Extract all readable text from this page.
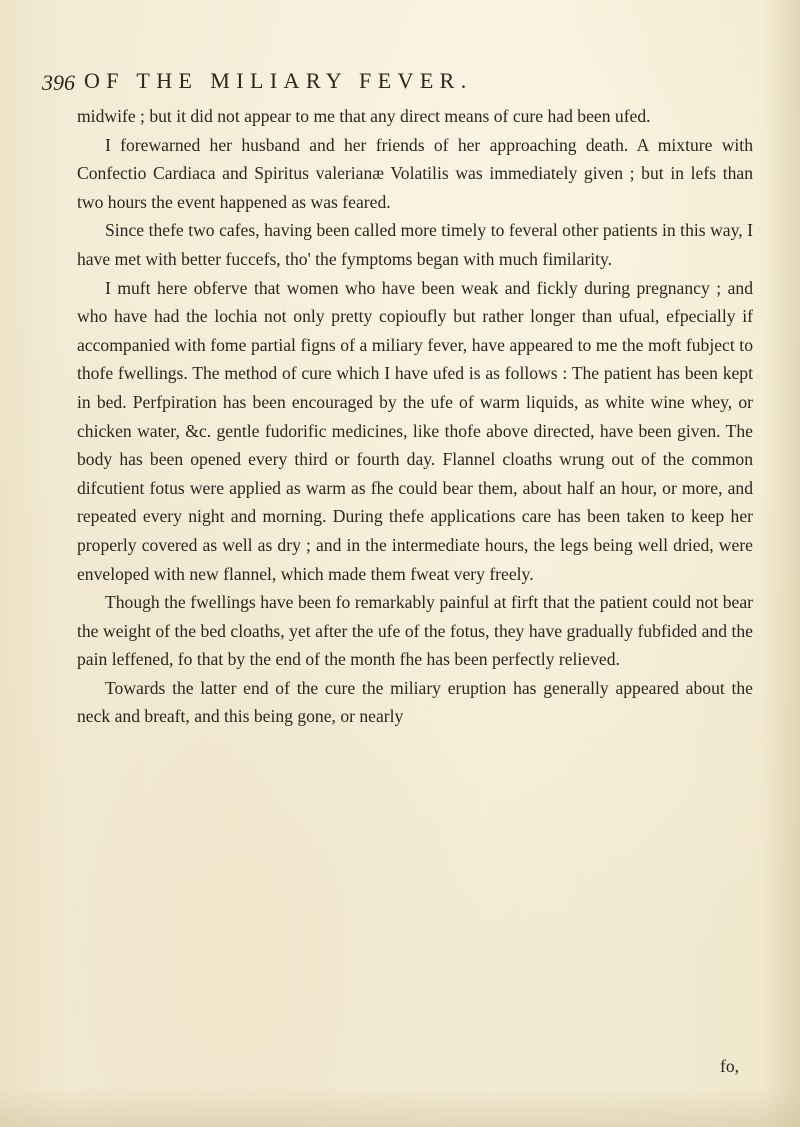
396 OF THE MILIARY FEVER.

midwife ; but it did not appear to me that any direct means of cure had been ufed.

I forewarned her husband and her friends of her approaching death. A mixture with Confectio Cardiaca and Spiritus valerianæ Volatilis was immediately given ; but in lefs than two hours the event happened as was feared.

Since thefe two cafes, having been called more timely to feveral other patients in this way, I have met with better fuccefs, tho' the fymptoms began with much fimilarity.

I muft here obferve that women who have been weak and fickly during pregnancy ; and who have had the lochia not only pretty copioufly but rather longer than ufual, efpecially if accompanied with fome partial figns of a miliary fever, have appeared to me the moft fubject to thofe fwellings. The method of cure which I have ufed is as follows : The patient has been kept in bed. Perfpiration has been encouraged by the ufe of warm liquids, as white wine whey, or chicken water, &c. gentle fudorific medicines, like thofe above directed, have been given. The body has been opened every third or fourth day. Flannel cloaths wrung out of the common difcutient fotus were applied as warm as fhe could bear them, about half an hour, or more, and repeated every night and morning. During thefe applications care has been taken to keep her properly covered as well as dry ; and in the intermediate hours, the legs being well dried, were enveloped with new flannel, which made them fweat very freely.

Though the fwellings have been fo remarkably painful at firft that the patient could not bear the weight of the bed cloaths, yet after the ufe of the fotus, they have gradually fubfided and the pain leffened, fo that by the end of the month fhe has been perfectly relieved.

Towards the latter end of the cure the miliary eruption has generally appeared about the neck and breaft, and this being gone, or nearly

fo,
